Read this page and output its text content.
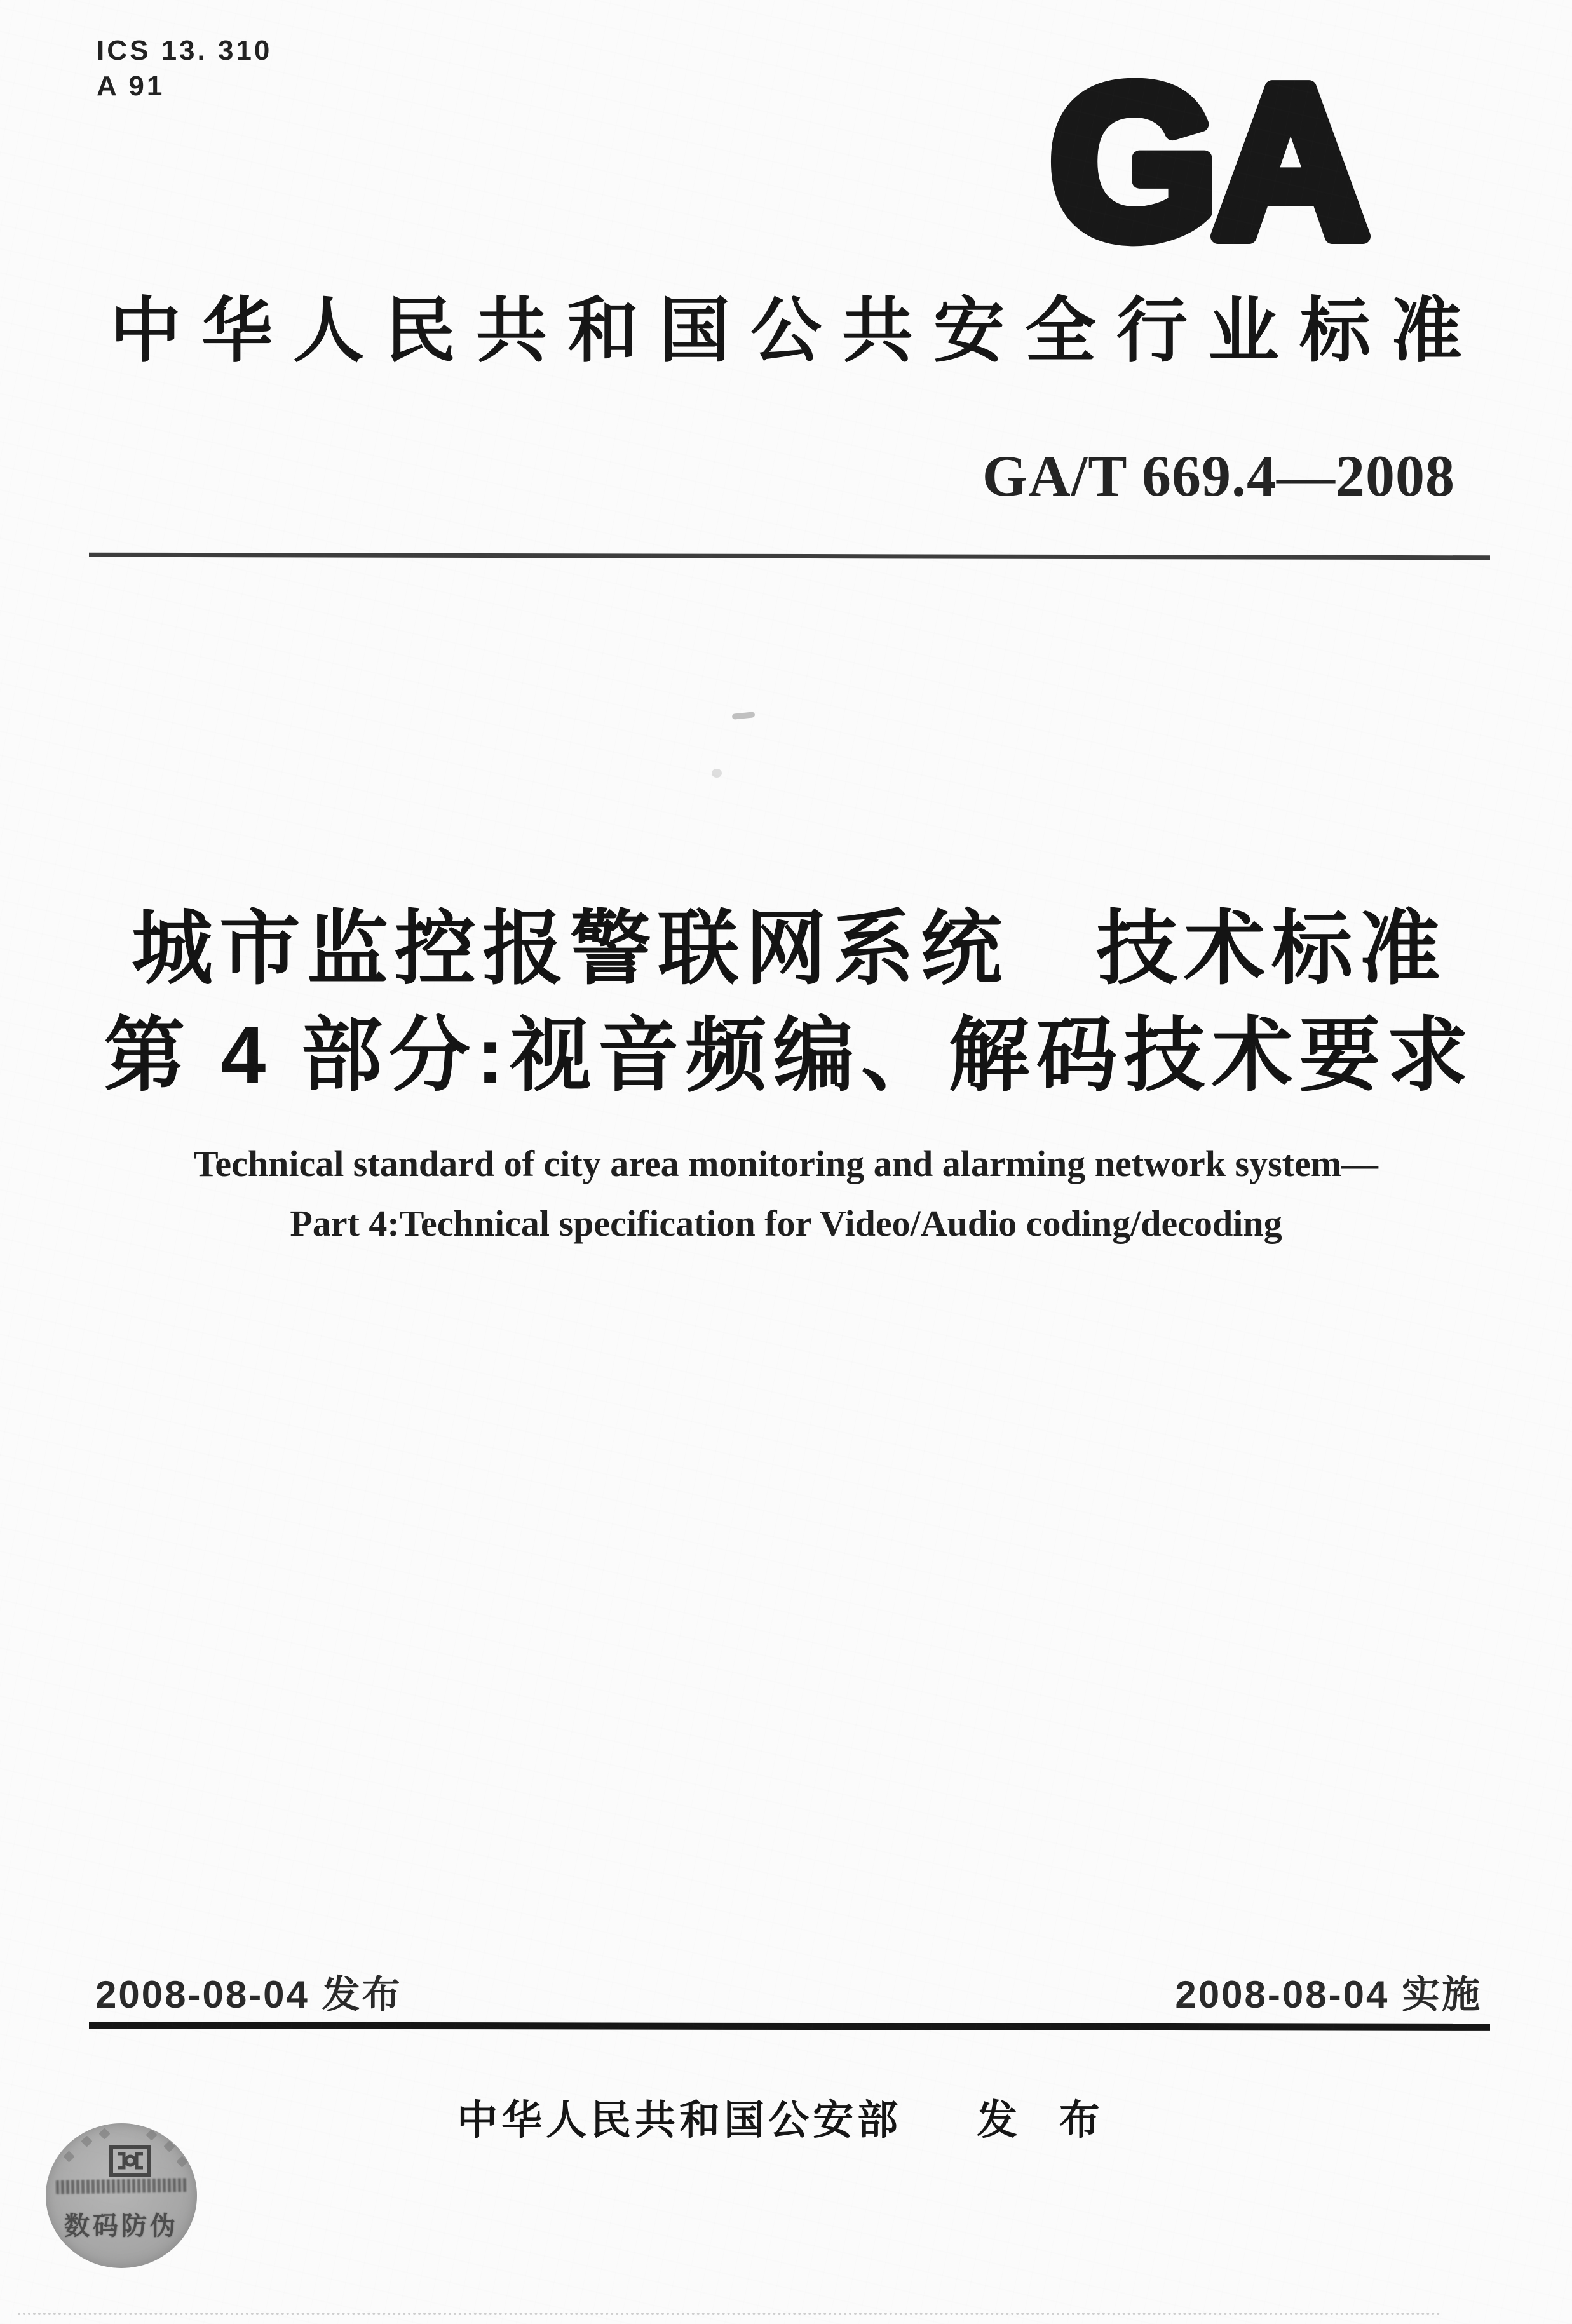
ICS 13. 310
A 91	GA
中华人民共和国公共安全行业标准
GA/T 669.4—2008
城市监控报警联网系统　技术标准
第 4 部分:视音频编、解码技术要求
Technical standard of city area monitoring and alarming network system—
Part 4:Technical specification for Video/Audio coding/decoding
2008-08-04 发布	2008-08-04 实施
中华人民共和国公安部 发 布
数码防伪
